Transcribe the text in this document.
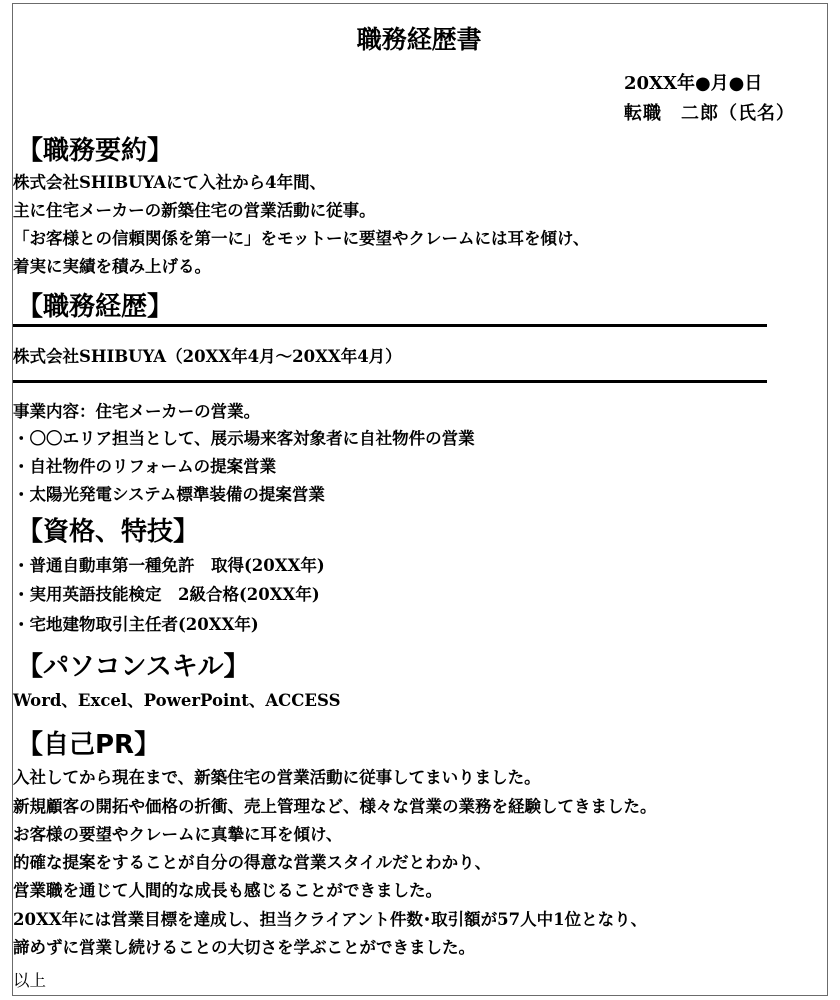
職務経歴書
20XX年●月●日
転職　二郎（氏名）
【職務要約】
株式会社SHIBUYAにて入社から4年間、
主に住宅メーカーの新築住宅の営業活動に従事。
「お客様との信頼関係を第一に」をモットーに要望やクレームには耳を傾け、
着実に実績を積み上げる。
【職務経歴】
株式会社SHIBUYA（20XX年4月～20XX年4月）
事業内容：住宅メーカーの営業。
・〇〇エリア担当として、展示場来客対象者に自社物件の営業
・自社物件のリフォームの提案営業
・太陽光発電システム標準装備の提案営業
【資格、特技】
・普通自動車第一種免許　取得(20XX年)
・実用英語技能検定　2級合格(20XX年)
・宅地建物取引主任者(20XX年)
【パソコンスキル】
Word、Excel、PowerPoint、ACCESS
【自己PR】
入社してから現在まで、新築住宅の営業活動に従事してまいりました。
新規顧客の開拓や価格の折衝、売上管理など、様々な営業の業務を経験してきました。
お客様の要望やクレームに真摯に耳を傾け、
的確な提案をすることが自分の得意な営業スタイルだとわかり、
営業職を通じて人間的な成長も感じることができました。
20XX年には営業目標を達成し、担当クライアント件数･取引額が57人中1位となり、
諦めずに営業し続けることの大切さを学ぶことができました。
以上
